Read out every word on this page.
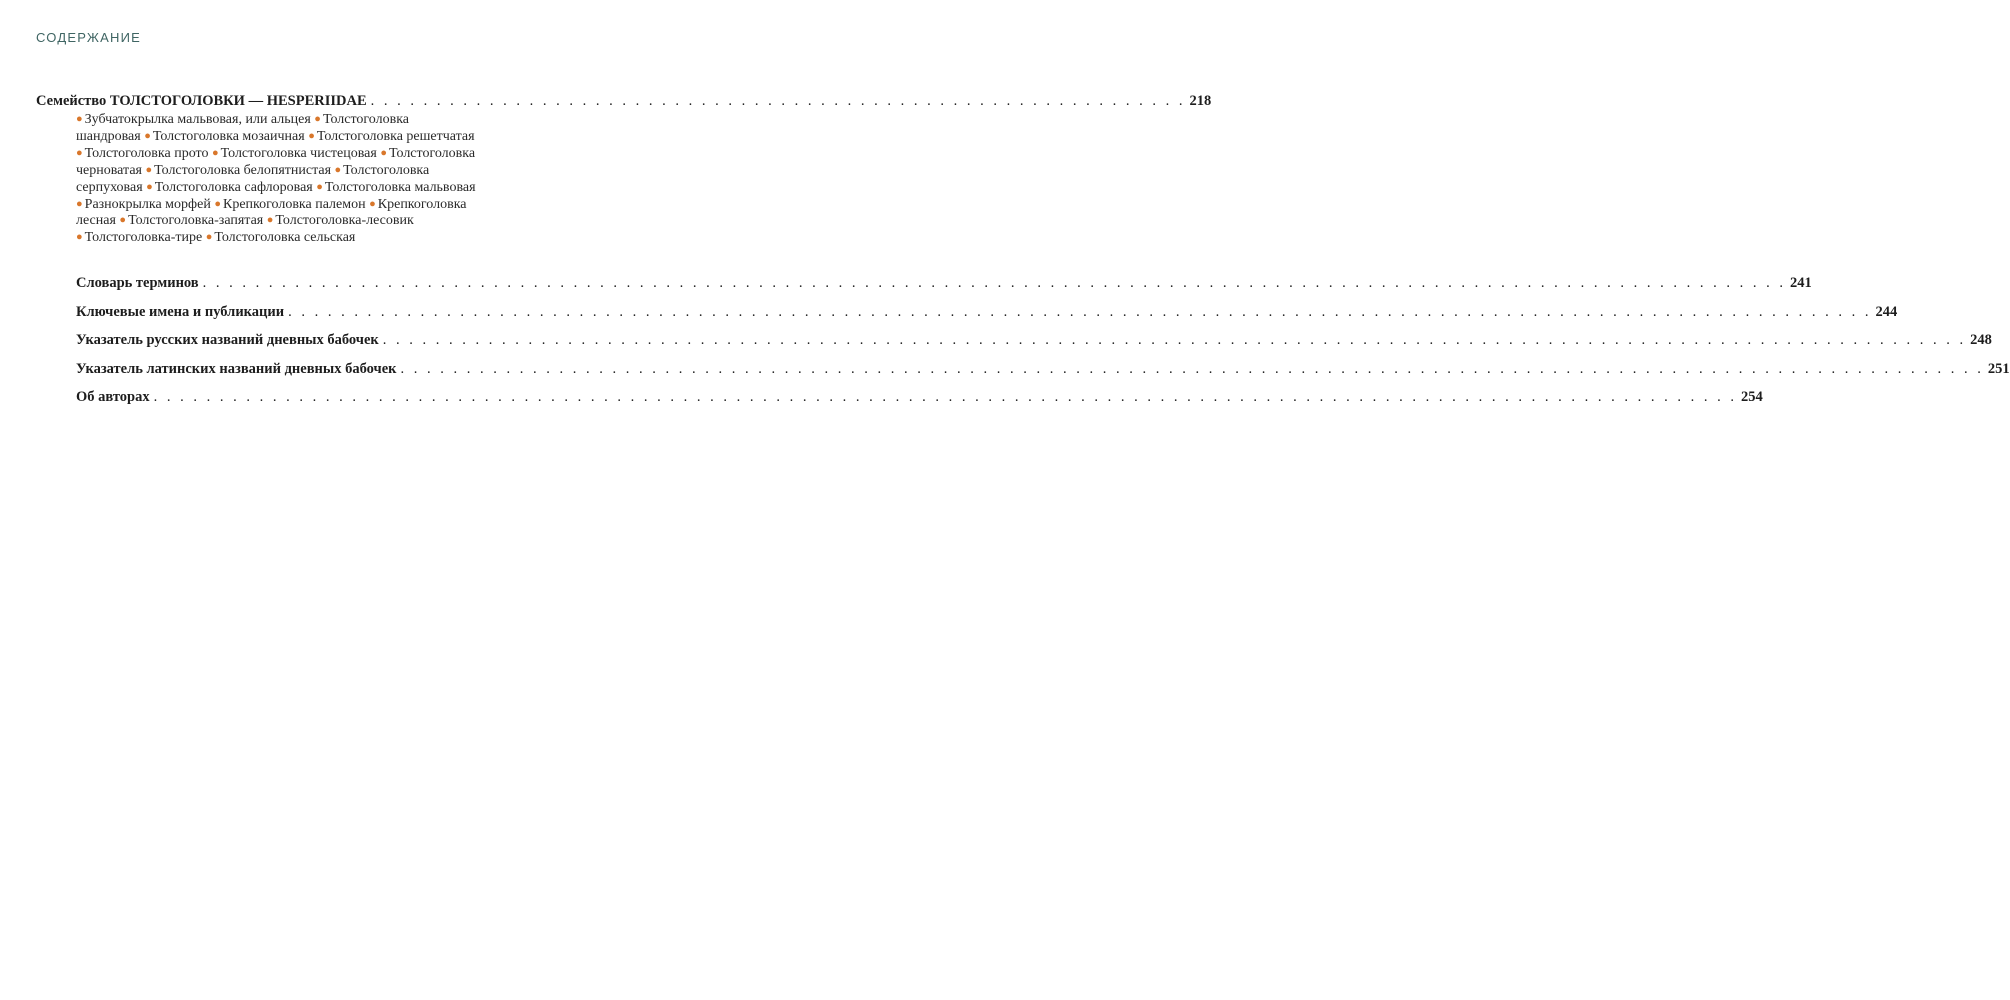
СОДЕРЖАНИЕ
Семейство ТОЛСТОГОЛОВКИ — HESPERIIDAE . . . . . . . . . . . . . . . . . . . . . . . . . . . . . . . . . . . . . . . . . . . . . . . . . . . . . . . . . . . . . . 218
● Зубчатокрылка мальвовая, или альцея ● Толстоголовка
шандровая ● Толстоголовка мозаичная ● Толстоголовка решетчатая
● Толстоголовка прото ● Толстоголовка чистецовая ● Толстоголовка
черноватая ● Толстоголовка белопятнистая ● Толстоголовка
серпуховая ● Толстоголовка сафлоровая ● Толстоголовка мальвовая
● Разнокрылка морфей ● Крепкоголовка палемон ● Крепкоголовка
лесная ● Толстоголовка-запятая ● Толстоголовка-лесовик
● Толстоголовка-тире ● Толстоголовка сельская
Словарь терминов . . . . . . . . . . . . . . . . . . . . . . . . . . . . . . . . . . . . . . . . . . . . . . . . . . . . . . . . . . . . . . . . . . . . . . . . . . . . . . . . . . . . . . . . . . . . . . . . . . . . . . . . . . . . . . . . . . . . . . . . 241
Ключевые имена и публикации . . . . . . . . . . . . . . . . . . . . . . . . . . . . . . . . . . . . . . . . . . . . . . . . . . . . . . . . . . . . . . . . . . . . . . . . . . . . . . . . . . . . . . . . . . . . . . . . . . . . . . . . . . . . . . . . . . . . . . . . 244
Указатель русских названий дневных бабочек . . . . . . . . . . . . . . . . . . . . . . . . . . . . . . . . . . . . . . . . . . . . . . . . . . . . . . . . . . . . . . . . . . . . . . . . . . . . . . . . . . . . . . . . . . . . . . . . . . . . . . . . . . . . . . . . . . . . . . . . 248
Указатель латинских названий дневных бабочек . . . . . . . . . . . . . . . . . . . . . . . . . . . . . . . . . . . . . . . . . . . . . . . . . . . . . . . . . . . . . . . . . . . . . . . . . . . . . . . . . . . . . . . . . . . . . . . . . . . . . . . . . . . . . . . . . . . . . . . . 251
Об авторах . . . . . . . . . . . . . . . . . . . . . . . . . . . . . . . . . . . . . . . . . . . . . . . . . . . . . . . . . . . . . . . . . . . . . . . . . . . . . . . . . . . . . . . . . . . . . . . . . . . . . . . . . . . . . . . . . . . . . . . . 254
